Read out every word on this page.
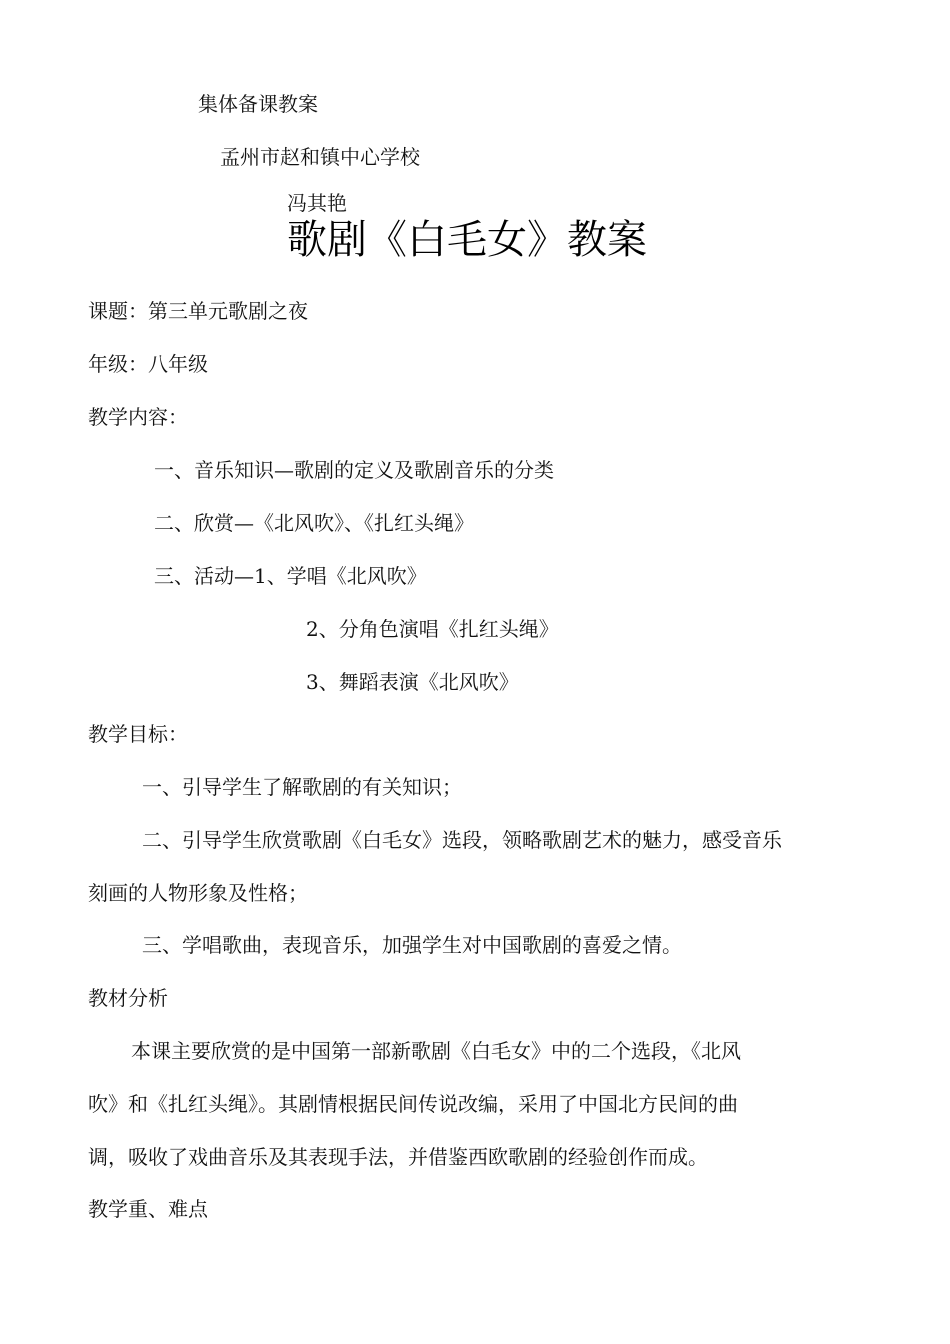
集体备课教案
孟州市赵和镇中心学校
冯其艳
歌剧《白毛女》教案
课题：第三单元歌剧之夜
年级：八年级
教学内容：
一、音乐知识—歌剧的定义及歌剧音乐的分类
二、欣赏—《北风吹》、《扎红头绳》
三、活动—1、学唱《北风吹》
2、分角色演唱《扎红头绳》
3、舞蹈表演《北风吹》
教学目标：
一、引导学生了解歌剧的有关知识；
二、引导学生欣赏歌剧《白毛女》选段，领略歌剧艺术的魅力，感受音乐
刻画的人物形象及性格；
三、学唱歌曲，表现音乐，加强学生对中国歌剧的喜爱之情。
教材分析
本课主要欣赏的是中国第一部新歌剧《白毛女》中的二个选段，《北风
吹》和《扎红头绳》。其剧情根据民间传说改编，采用了中国北方民间的曲
调，吸收了戏曲音乐及其表现手法，并借鉴西欧歌剧的经验创作而成。
教学重、难点
